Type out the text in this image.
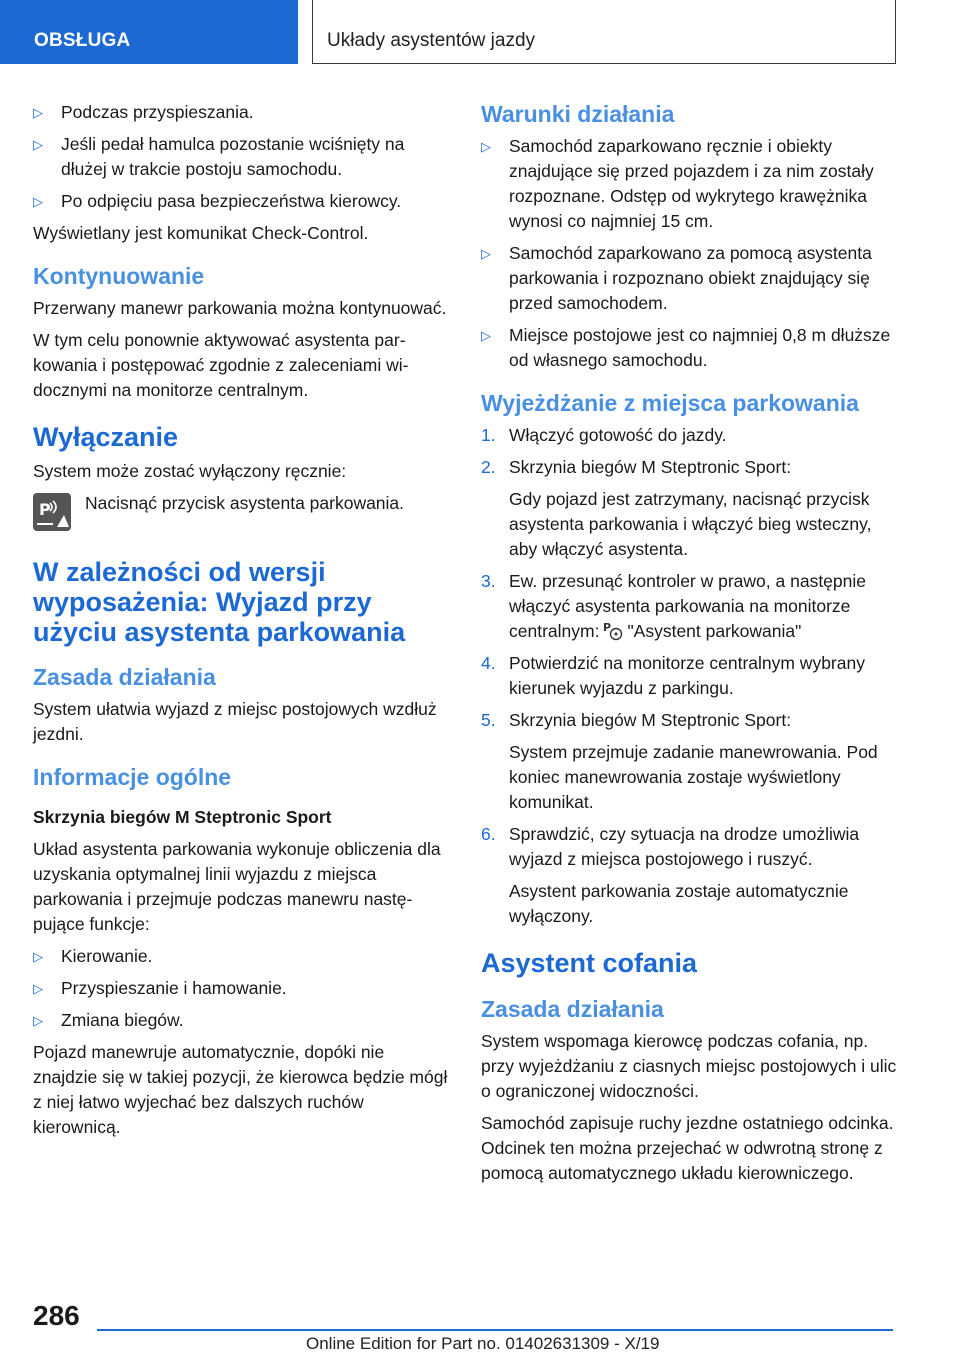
OBSŁUGA	Układy asystentów jazdy
▷ Podczas przyspieszania.
▷ Jeśli pedał hamulca pozostanie wciśnięty na dłużej w trakcie postoju samochodu.
▷ Po odpięciu pasa bezpieczeństwa kierowcy.

Wyświetlany jest komunikat Check-Control.

Kontynuowanie

Przerwany manewr parkowania można kontynuować.

W tym celu ponownie aktywować asystenta parkowania i postępować zgodnie z zaleceniami widocznymi na monitorze centralnym.

Wyłączanie

System może zostać wyłączony ręcznie:

P Nacisnąć przycisk asystenta parkowania.

W zależności od wersji wyposażenia: Wyjazd przy użyciu asystenta parkowania
Zasada działania

System ułatwia wyjazd z miejsc postojowych wzdłuż jezdni.

Informacje ogólne
Skrzynia biegów M Steptronic Sport

Układ asystenta parkowania wykonuje obliczenia dla uzyskania optymalnej linii wyjazdu z miejsca parkowania i przejmuje podczas manewru następujące funkcje:

▷ Kierowanie.
▷ Przyspieszanie i hamowanie.
▷ Zmiana biegów.

Pojazd manewruje automatycznie, dopóki nie znajdzie się w takiej pozycji, że kierowca będzie mógł z niej łatwo wyjechać bez dalszych ruchów kierownicą.

Warunki działania
▷ Samochód zaparkowano ręcznie i obiekty znajdujące się przed pojazdem i za nim zostały rozpoznane. Odstęp od wykrytego krawężnika wynosi co najmniej 15 cm.
▷ Samochód zaparkowano za pomocą asystenta parkowania i rozpoznano obiekt znajdujący się przed samochodem.
▷ Miejsce postojowe jest co najmniej 0,8 m dłuższe od własnego samochodu.
Wyjeżdżanie z miejsca parkowania
1. Włączyć gotowość do jazdy.
2. Skrzynia biegów M Steptronic Sport:
Gdy pojazd jest zatrzymany, nacisnąć przycisk asystenta parkowania i włączyć bieg wsteczny, aby włączyć asystenta.
3. Ew. przesunąć kontroler w prawo, a następnie włączyć asystenta parkowania na monitorze centralnym: P "Asystent parkowania"
4. Potwierdzić na monitorze centralnym wybrany kierunek wyjazdu z parkingu.
5. Skrzynia biegów M Steptronic Sport:
System przejmuje zadanie manewrowania. Pod koniec manewrowania zostaje wyświetlony komunikat.
6. Sprawdzić, czy sytuacja na drodze umożliwia wyjazd z miejsca postojowego i ruszyć.
Asystent parkowania zostaje automatycznie wyłączony.
Asystent cofania
Zasada działania

System wspomaga kierowcę podczas cofania, np. przy wyjeżdżaniu z ciasnych miejsc postojowych i ulic o ograniczonej widoczności.

Samochód zapisuje ruchy jezdne ostatniego odcinka. Odcinek ten można przejechać w odwrotną stronę z pomocą automatycznego układu kierowniczego.

286
Online Edition for Part no. 01402631309 - X/19
